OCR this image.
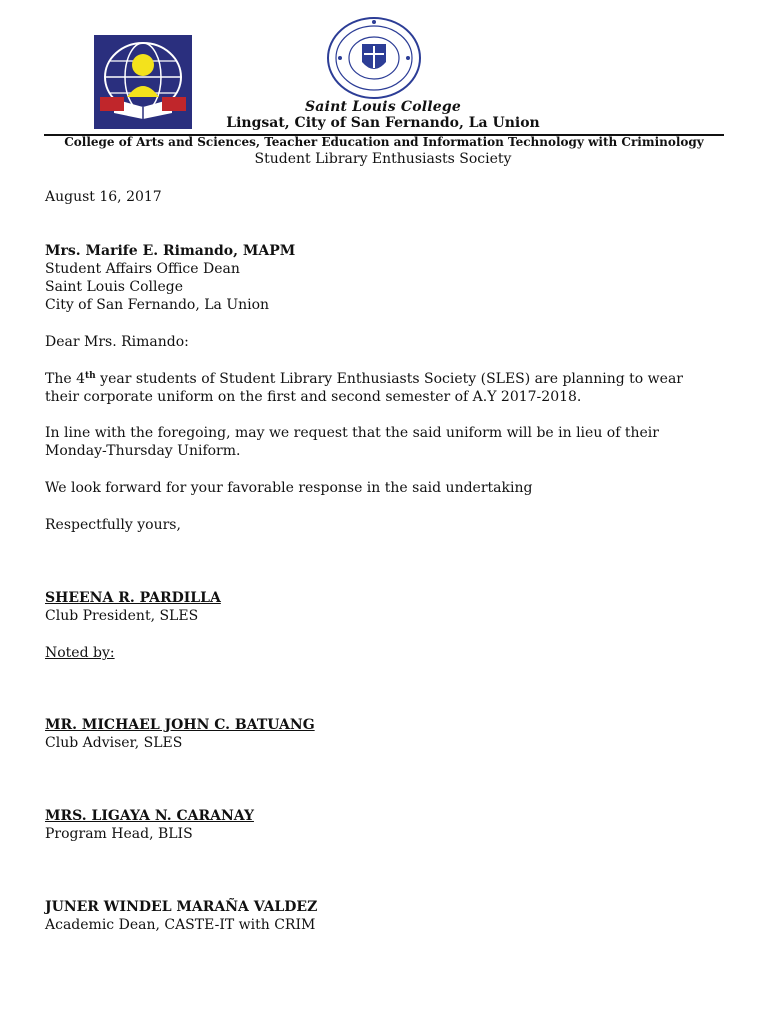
Saint Louis College
Lingsat, City of San Fernando, La Union
College of Arts and Sciences, Teacher Education and Information Technology with Criminology
Student Library Enthusiasts Society
August 16, 2017
Mrs. Marife E. Rimando, MAPM
Student Affairs Office Dean
Saint Louis College
City of San Fernando, La Union
Dear Mrs. Rimando:
The 4th year students of Student Library Enthusiasts Society (SLES) are planning to wear
their corporate uniform on the first and second semester of A.Y 2017-2018.
In line with the foregoing, may we request that the said uniform will be in lieu of their
Monday-Thursday Uniform.
We look forward for your favorable response in the said undertaking
Respectfully yours,
SHEENA R. PARDILLA
Club President, SLES
Noted by:
MR. MICHAEL JOHN C. BATUANG
Club Adviser, SLES
MRS. LIGAYA N. CARANAY
Program Head, BLIS
JUNER WINDEL MARAÑA VALDEZ
Academic Dean, CASTE-IT with CRIM
